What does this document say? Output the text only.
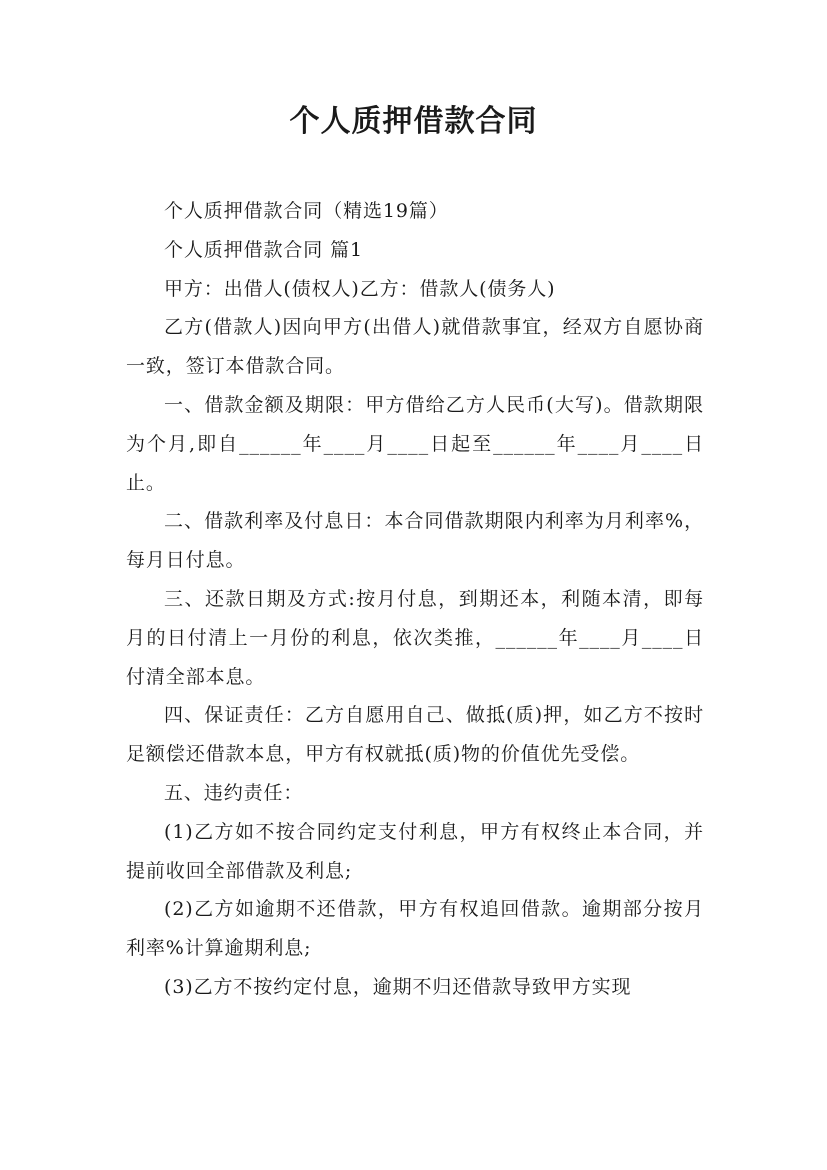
个人质押借款合同

个人质押借款合同（精选19篇）

个人质押借款合同 篇1

甲方：出借人(债权人)乙方：借款人(债务人)

乙方(借款人)因向甲方(出借人)就借款事宜，经双方自愿协商一致，签订本借款合同。

一、借款金额及期限：甲方借给乙方人民币(大写)。借款期限为个月,即自______年____月____日起至______年____月____日止。

二、借款利率及付息日：本合同借款期限内利率为月利率%，每月日付息。

三、还款日期及方式:按月付息，到期还本，利随本清，即每月的日付清上一月份的利息，依次类推，______年____月____日付清全部本息。

四、保证责任：乙方自愿用自己、做抵(质)押，如乙方不按时足额偿还借款本息，甲方有权就抵(质)物的价值优先受偿。

五、违约责任：

(1)乙方如不按合同约定支付利息，甲方有权终止本合同，并提前收回全部借款及利息;

(2)乙方如逾期不还借款，甲方有权追回借款。逾期部分按月利率%计算逾期利息;

(3)乙方不按约定付息，逾期不归还借款导致甲方实现
